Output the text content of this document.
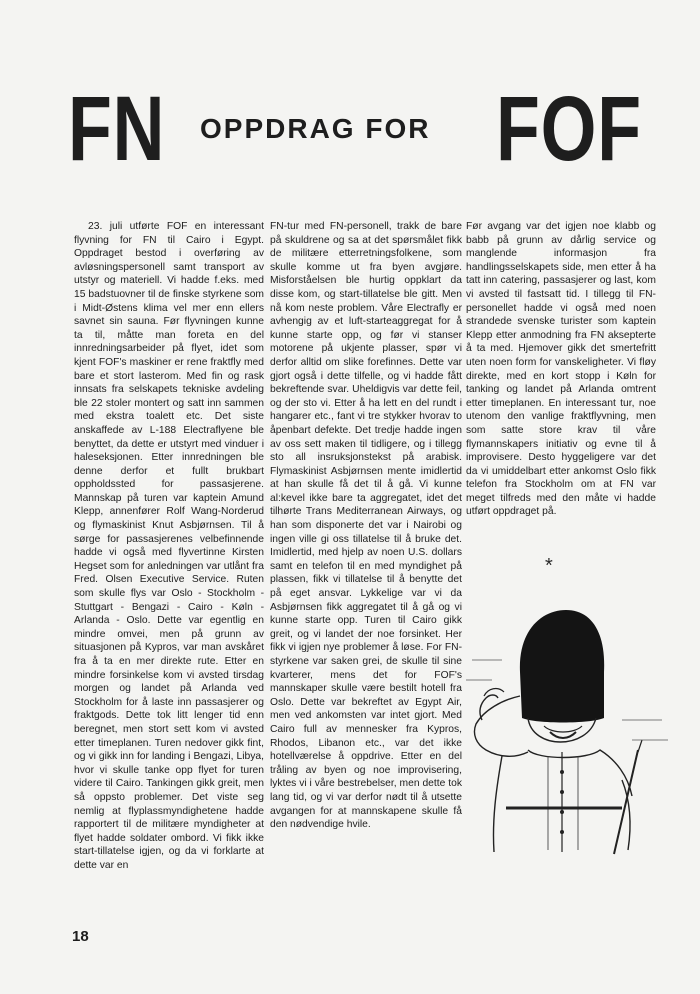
FN OPPDRAG FOR FOF

23. juli utførte FOF en interessant flyvning for FN til Cairo i Egypt. Oppdraget bestod i overføring av avløsningspersonell samt transport av utstyr og materiell. Vi hadde f.eks. med 15 badstuovner til de finske styrkene som i Midt-Østens klima vel mer enn ellers savnet sin sauna. Før flyvningen kunne ta til, måtte man foreta en del innredningsarbeider på flyet, idet som kjent FOF's maskiner er rene fraktfly med bare et stort lasterom. Med fin og rask innsats fra selskapets tekniske avdeling ble 22 stoler montert og satt inn sammen med ekstra toalett etc. Det siste anskaffede av L-188 Electraflyene ble benyttet, da dette er utstyrt med vinduer i haleseksjonen. Etter innredningen ble denne derfor et fullt brukbart oppholdssted for passasjerene. Mannskap på turen var kaptein Amund Klepp, annenfører Rolf Wang-Norderud og flymaskinist Knut Asbjørnsen. Til å sørge for passasjerenes velbefinnende hadde vi også med flyvertinne Kirsten Hegset som for anledningen var utlånt fra Fred. Olsen Executive Service. Ruten som skulle flys var Oslo - Stockholm - Stuttgart - Bengazi - Cairo - Køln - Arlanda - Oslo. Dette var egentlig en mindre omvei, men på grunn av situasjonen på Kypros, var man avskåret fra å ta en mer direkte rute. Etter en mindre forsinkelse kom vi avsted tirsdag morgen og landet på Arlanda ved Stockholm for å laste inn passasjerer og fraktgods. Dette tok litt lenger tid enn beregnet, men stort sett kom vi avsted etter timeplanen. Turen nedover gikk fint, og vi gikk inn for landing i Bengazi, Libya, hvor vi skulle tanke opp flyet for turen videre til Cairo. Tankingen gikk greit, men så oppsto problemer. Det viste seg nemlig at flyplassmyndighetene hadde rapportert til de militære myndigheter at flyet hadde soldater ombord. Vi fikk ikke start-tillatelse igjen, og da vi forklarte at dette var en

FN-tur med FN-personell, trakk de bare på skuldrene og sa at det spørsmålet fikk de militære etterretningsfolkene, som skulle komme ut fra byen avgjøre. Misforståelsen ble hurtig oppklart da disse kom, og start-tillatelse ble gitt. Men nå kom neste problem. Våre Electrafly er avhengig av et luft-starteaggregat for å kunne starte opp, og før vi stanser motorene på ukjente plasser, spør vi derfor alltid om slike forefinnes. Dette var gjort også i dette tilfelle, og vi hadde fått bekreftende svar. Uheldigvis var dette feil, og der sto vi. Etter å ha lett en del rundt i hangarer etc., fant vi tre stykker hvorav to åpenbart defekte. Det tredje hadde ingen av oss sett maken til tidligere, og i tillegg sto all insruksjonstekst på arabisk. Flymaskinist Asbjørnsen mente imidlertid at han skulle få det til å gå. Vi kunne al:kevel ikke bare ta aggregatet, idet det tilhørte Trans Mediterranean Airways, og han som disponerte det var i Nairobi og ingen ville gi oss tillatelse til å bruke det. Imidlertid, med hjelp av noen U.S. dollars samt en telefon til en med myndighet på plassen, fikk vi tillatelse til å benytte det på eget ansvar. Lykkelige var vi da Asbjørnsen fikk aggregatet til å gå og vi kunne starte opp. Turen til Cairo gikk greit, og vi landet der noe forsinket. Her fikk vi igjen nye problemer å løse. For FN-styrkene var saken grei, de skulle til sine kvarterer, mens det for FOF's mannskaper skulle være bestilt hotell fra Oslo. Dette var bekreftet av Egypt Air, men ved ankomsten var intet gjort. Med Cairo full av mennesker fra Kypros, Rhodos, Libanon etc., var det ikke hotellværelse å oppdrive. Etter en del tråling av byen og noe improvisering, lyktes vi i våre bestrebelser, men dette tok lang tid, og vi var derfor nødt til å utsette avgangen for at mannskapene skulle få den nødvendige hvile.

Før avgang var det igjen noe klabb og babb på grunn av dårlig service og manglende informasjon fra handlingsselskapets side, men etter å ha tatt inn catering, passasjerer og last, kom vi avsted til fastsatt tid. I tillegg til FN-personellet hadde vi også med noen strandede svenske turister som kaptein Klepp etter anmodning fra FN aksepterte å ta med. Hjemover gikk det smertefritt uten noen form for vanskeligheter. Vi fløy direkte, med en kort stopp i Køln for tanking og landet på Arlanda omtrent etter timeplanen. En interessant tur, noe utenom den vanlige fraktflyvning, men som satte store krav til våre flymannskapers initiativ og evne til å improvisere. Desto hyggeligere var det da vi umiddelbart etter ankomst Oslo fikk telefon fra Stockholm om at FN var meget tilfreds med den måte vi hadde utført oppdraget på.

*
18
